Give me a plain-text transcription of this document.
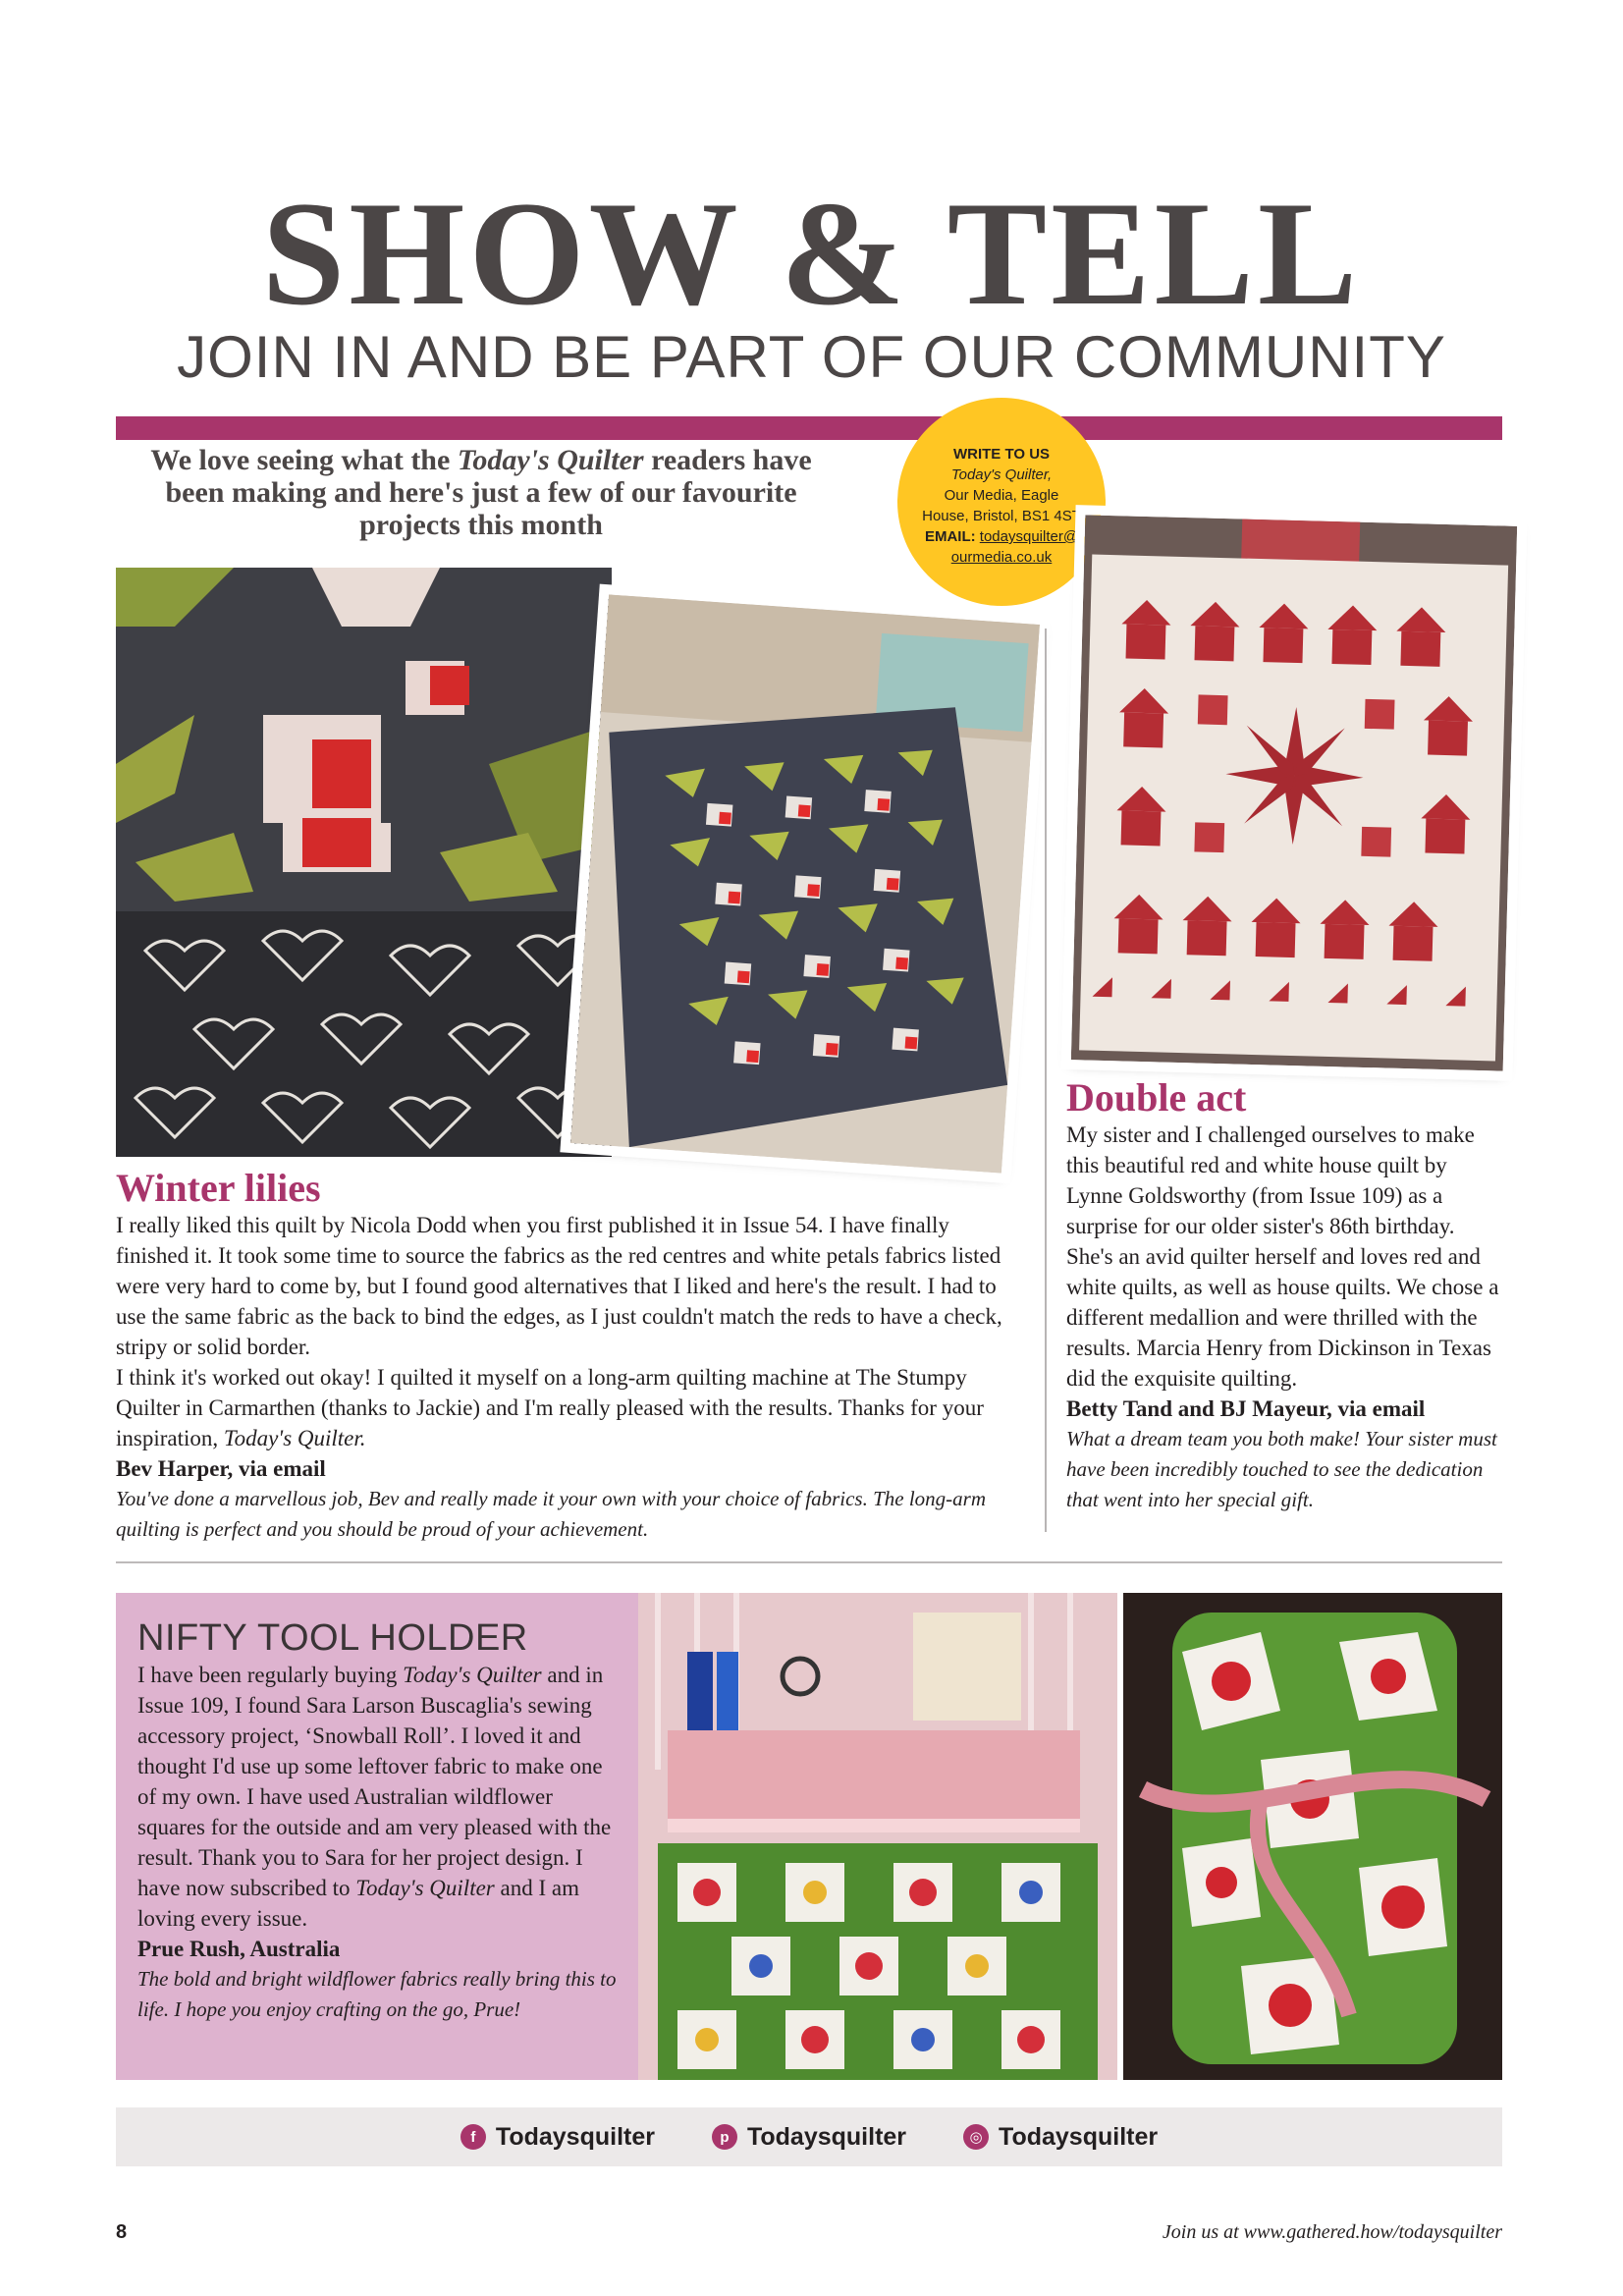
SHOW & TELL
JOIN IN AND BE PART OF OUR COMMUNITY
We love seeing what the Today's Quilter readers have been making and here's just a few of our favourite projects this month
WRITE TO US
Today's Quilter,
Our Media, Eagle
House, Bristol, BS1 4ST
EMAIL: todaysquilter@
ourmedia.co.uk
Winter lilies
I really liked this quilt by Nicola Dodd when you first published it in Issue 54. I have finally finished it. It took some time to source the fabrics as the red centres and white petals fabrics listed were very hard to come by, but I found good alternatives that I liked and here's the result. I had to use the same fabric as the back to bind the edges, as I just couldn't match the reds to have a check, stripy or solid border.
I think it's worked out okay! I quilted it myself on a long-arm quilting machine at The Stumpy Quilter in Carmarthen (thanks to Jackie) and I'm really pleased with the results. Thanks for your inspiration, Today's Quilter.
Bev Harper, via email
You've done a marvellous job, Bev and really made it your own with your choice of fabrics. The long-arm quilting is perfect and you should be proud of your achievement.
Double act
My sister and I challenged ourselves to make this beautiful red and white house quilt by Lynne Goldsworthy (from Issue 109) as a surprise for our older sister's 86th birthday. She's an avid quilter herself and loves red and white quilts, as well as house quilts. We chose a different medallion and were thrilled with the results. Marcia Henry from Dickinson in Texas did the exquisite quilting.
Betty Tand and BJ Mayeur, via email
What a dream team you both make! Your sister must have been incredibly touched to see the dedication that went into her special gift.
NIFTY TOOL HOLDER
I have been regularly buying Today's Quilter and in Issue 109, I found Sara Larson Buscaglia's sewing accessory project, ‘Snowball Roll’. I loved it and thought I'd use up some leftover fabric to make one of my own. I have used Australian wildflower squares for the outside and am very pleased with the result. Thank you to Sara for her project design. I have now subscribed to Today's Quilter and I am loving every issue.
Prue Rush, Australia
The bold and bright wildflower fabrics really bring this to life. I hope you enjoy crafting on the go, Prue!
f Todaysquilter	p Todaysquilter	◎ Todaysquilter
8	Join us at www.gathered.how/todaysquilter
